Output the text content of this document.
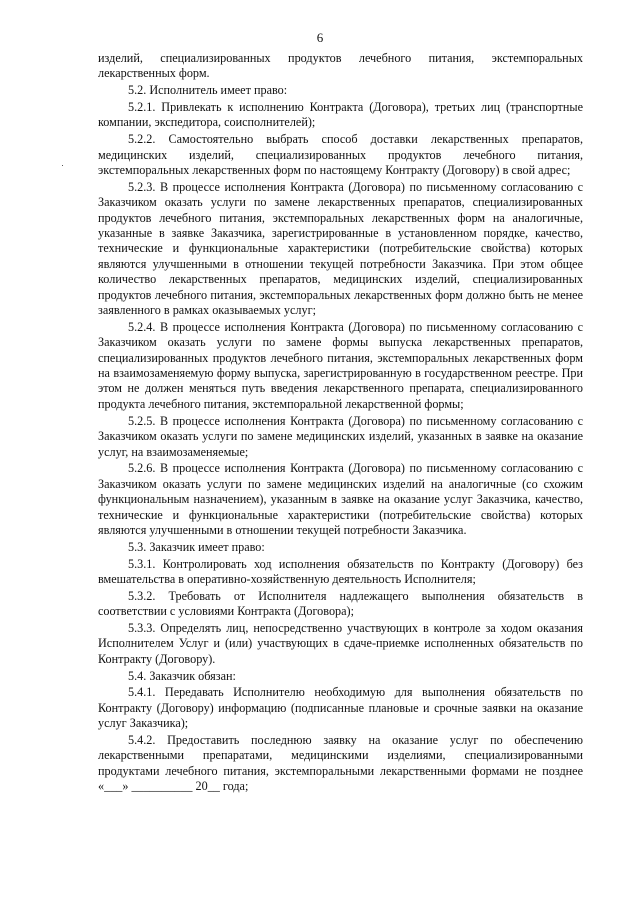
6

изделий, специализированных продуктов лечебного питания, экстемпоральных лекарственных форм.

5.2. Исполнитель имеет право:

5.2.1. Привлекать к исполнению Контракта (Договора), третьих лиц (транспортные компании, экспедитора, соисполнителей);

5.2.2. Самостоятельно выбрать способ доставки лекарственных препаратов, медицинских изделий, специализированных продуктов лечебного питания, экстемпоральных лекарственных форм по настоящему Контракту (Договору) в свой адрес;

5.2.3. В процессе исполнения Контракта (Договора) по письменному согласованию с Заказчиком оказать услуги по замене лекарственных препаратов, специализированных продуктов лечебного питания, экстемпоральных лекарственных форм на аналогичные, указанные в заявке Заказчика, зарегистрированные в установленном порядке, качество, технические и функциональные характеристики (потребительские свойства) которых являются улучшенными в отношении текущей потребности Заказчика. При этом общее количество лекарственных препаратов, медицинских изделий, специализированных продуктов лечебного питания, экстемпоральных лекарственных форм должно быть не менее заявленного в рамках оказываемых услуг;

5.2.4. В процессе исполнения Контракта (Договора) по письменному согласованию с Заказчиком оказать услуги по замене формы выпуска лекарственных препаратов, специализированных продуктов лечебного питания, экстемпоральных лекарственных форм на взаимозаменяемую форму выпуска, зарегистрированную в государственном реестре. При этом не должен меняться путь введения лекарственного препарата, специализированного продукта лечебного питания, экстемпоральной лекарственной формы;

5.2.5. В процессе исполнения Контракта (Договора) по письменному согласованию с Заказчиком оказать услуги по замене медицинских изделий, указанных в заявке на оказание услуг, на взаимозаменяемые;

5.2.6. В процессе исполнения Контракта (Договора) по письменному согласованию с Заказчиком оказать услуги по замене медицинских изделий на аналогичные (со схожим функциональным назначением), указанным в заявке на оказание услуг Заказчика, качество, технические и функциональные характеристики (потребительские свойства) которых являются улучшенными в отношении текущей потребности Заказчика.

5.3. Заказчик имеет право:

5.3.1. Контролировать ход исполнения обязательств по Контракту (Договору) без вмешательства в оперативно-хозяйственную деятельность Исполнителя;

5.3.2. Требовать от Исполнителя надлежащего выполнения обязательств в соответствии с условиями Контракта (Договора);

5.3.3. Определять лиц, непосредственно участвующих в контроле за ходом оказания Исполнителем Услуг и (или) участвующих в сдаче-приемке исполненных обязательств по Контракту (Договору).

5.4. Заказчик обязан:

5.4.1. Передавать Исполнителю необходимую для выполнения обязательств по Контракту (Договору) информацию (подписанные плановые и срочные заявки на оказание услуг Заказчика);

5.4.2. Предоставить последнюю заявку на оказание услуг по обеспечению лекарственными препаратами, медицинскими изделиями, специализированными продуктами лечебного питания, экстемпоральными лекарственными формами не позднее «___» __________ 20__ года;
